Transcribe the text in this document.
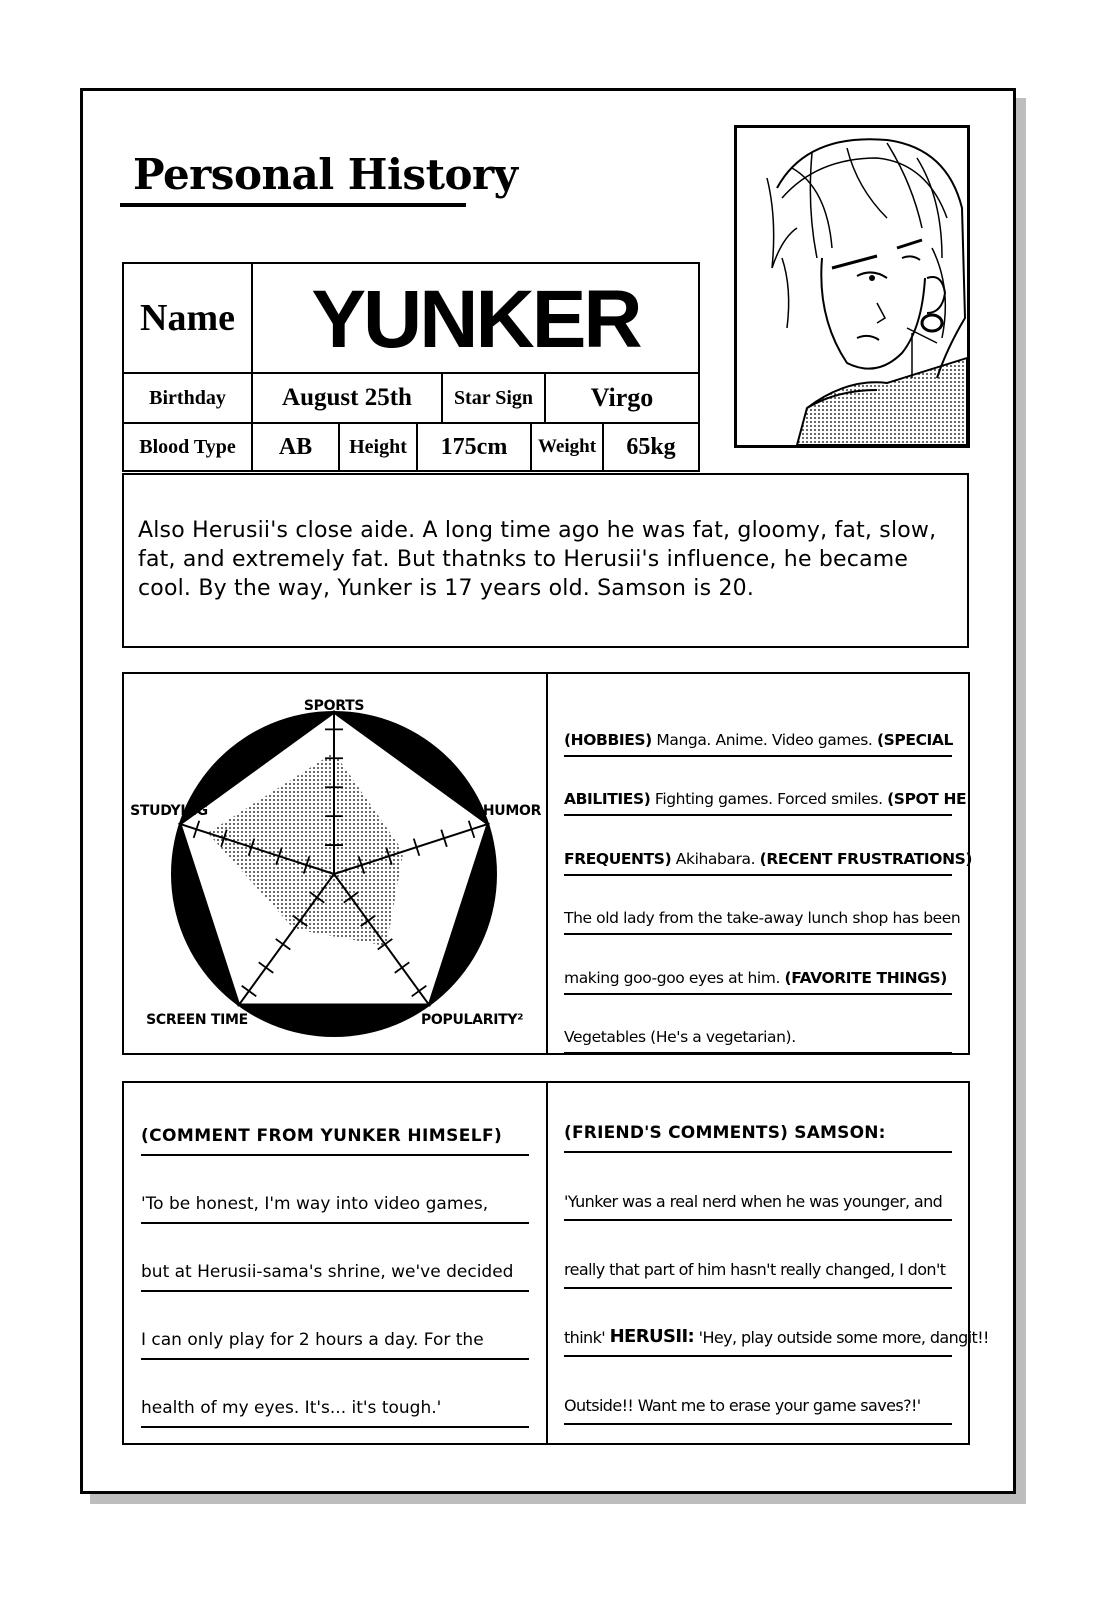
Personal History
Name YUNKER
Birthday	August 25th	Star Sign	Virgo
Blood Type	AB	Height	175cm	Weight	65kg
Also Herusii's close aide. A long time ago he was fat, gloomy, fat, slow, fat, and extremely fat. But thatnks to Herusii's influence, he became cool. By the way, Yunker is 17 years old. Samson is 20.
SPORTS
HUMOR
POPULARITY²
SCREEN TIME
STUDYING
(HOBBIES) Manga. Anime. Video games. (SPECIAL
ABILITIES) Fighting games. Forced smiles. (SPOT HE
FREQUENTS) Akihabara. (RECENT FRUSTRATIONS)
The old lady from the take-away lunch shop has been
making goo-goo eyes at him. (FAVORITE THINGS)
Vegetables (He's a vegetarian).
(COMMENT FROM YUNKER HIMSELF)
'To be honest, I'm way into video games,
but at Herusii-sama's shrine, we've decided
I can only play for 2 hours a day. For the
health of my eyes. It's... it's tough.'
(FRIEND'S COMMENTS) SAMSON:
'Yunker was a real nerd when he was younger, and
really that part of him hasn't really changed, I don't
think' HERUSII: 'Hey, play outside some more, dangit!!
Outside!! Want me to erase your game saves?!'
